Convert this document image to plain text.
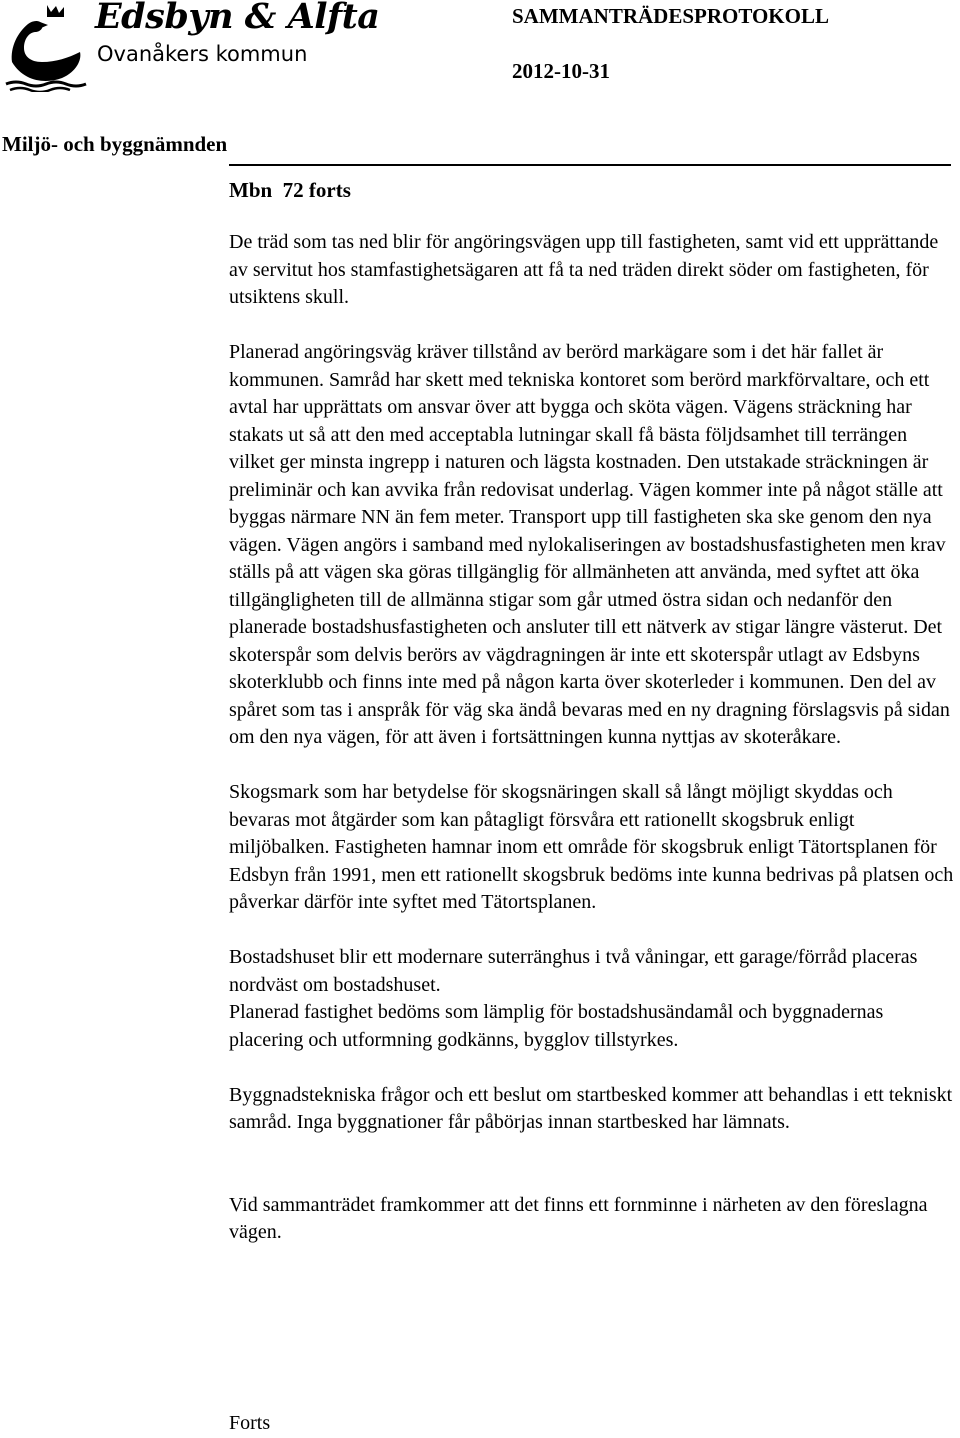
Edsbyn & Alfta
Ovanåkers kommun
SAMMANTRÄDESPROTOKOLL
2012-10-31
Miljö- och byggnämnden
Mbn  72 forts

De träd som tas ned blir för angöringsvägen upp till fastigheten, samt vid ett upprättande av servitut hos stamfastighetsägaren att få ta ned träden direkt söder om fastigheten, för utsiktens skull.

Planerad angöringsväg kräver tillstånd av berörd markägare som i det här fallet är kommunen. Samråd har skett med tekniska kontoret som berörd markförvaltare, och ett avtal har upprättats om ansvar över att bygga och sköta vägen. Vägens sträckning har stakats ut så att den med acceptabla lutningar skall få bästa följdsamhet till terrängen vilket ger minsta ingrepp i naturen och lägsta kostnaden. Den utstakade sträckningen är preliminär och kan avvika från redovisat underlag. Vägen kommer inte på något ställe att byggas närmare NN än fem meter. Transport upp till fastigheten ska ske genom den nya vägen. Vägen angörs i samband med nylokaliseringen av bostadshusfastigheten men krav ställs på att vägen ska göras tillgänglig för allmänheten att använda, med syftet att öka tillgängligheten till de allmänna stigar som går utmed östra sidan och nedanför den planerade bostadshusfastigheten och ansluter till ett nätverk av stigar längre västerut. Det skoterspår som delvis berörs av vägdragningen är inte ett skoterspår utlagt av Edsbyns skoterklubb och finns inte med på någon karta över skoterleder i kommunen. Den del av spåret som tas i anspråk för väg ska ändå bevaras med en ny dragning förslagsvis på sidan om den nya vägen, för att även i fortsättningen kunna nyttjas av skoteråkare.

Skogsmark som har betydelse för skogsnäringen skall så långt möjligt skyddas och bevaras mot åtgärder som kan påtagligt försvåra ett rationellt skogsbruk enligt miljöbalken. Fastigheten hamnar inom ett område för skogsbruk enligt Tätortsplanen för Edsbyn från 1991, men ett rationellt skogsbruk bedöms inte kunna bedrivas på platsen och påverkar därför inte syftet med Tätortsplanen.

Bostadshuset blir ett modernare suterränghus i två våningar, ett garage/förråd placeras nordväst om bostadshuset.

Planerad fastighet bedöms som lämplig för bostadshusändamål och byggnadernas placering och utformning godkänns, bygglov tillstyrkes.

Byggnadstekniska frågor och ett beslut om startbesked kommer att behandlas i ett tekniskt samråd. Inga byggnationer får påbörjas innan startbesked har lämnats.

Vid sammanträdet framkommer att det finns ett fornminne i närheten av den föreslagna vägen.

Forts
